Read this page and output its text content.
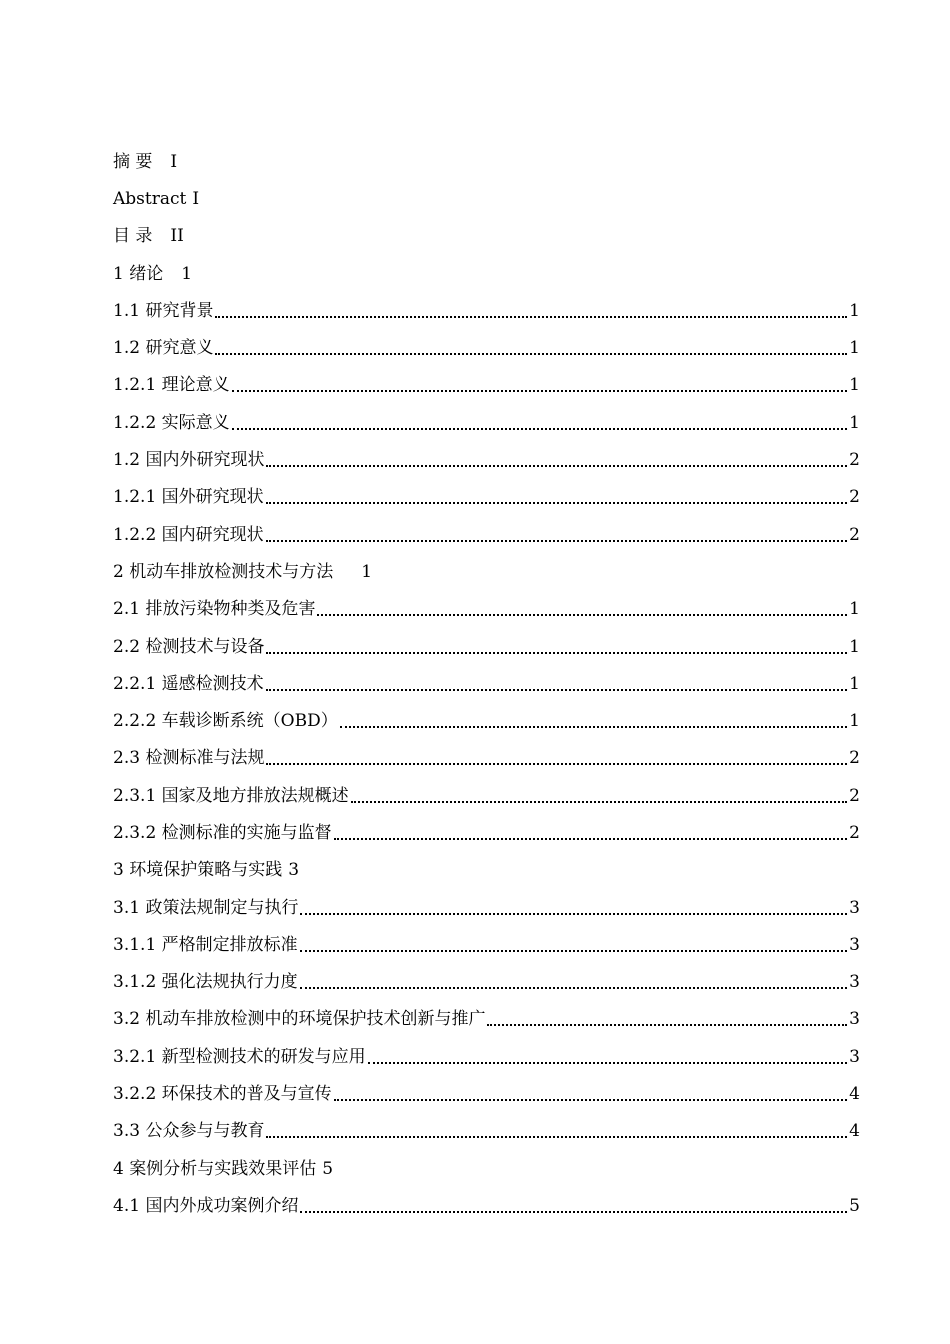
摘 要 I
Abstract I
目 录 II
1 绪论 1
1.1 研究背景	1
1.2 研究意义	1
1.2.1 理论意义	1
1.2.2 实际意义	1
1.2 国内外研究现状	2
1.2.1 国外研究现状	2
1.2.2 国内研究现状	2
2 机动车排放检测技术与方法 1
2.1 排放污染物种类及危害	1
2.2 检测技术与设备	1
2.2.1 遥感检测技术	1
2.2.2 车载诊断系统（OBD）	1
2.3 检测标准与法规	2
2.3.1 国家及地方排放法规概述	2
2.3.2 检测标准的实施与监督	2
3 环境保护策略与实践 3
3.1 政策法规制定与执行	3
3.1.1 严格制定排放标准	3
3.1.2 强化法规执行力度	3
3.2 机动车排放检测中的环境保护技术创新与推广	3
3.2.1 新型检测技术的研发与应用	3
3.2.2 环保技术的普及与宣传	4
3.3 公众参与与教育	4
4 案例分析与实践效果评估 5
4.1 国内外成功案例介绍	5
